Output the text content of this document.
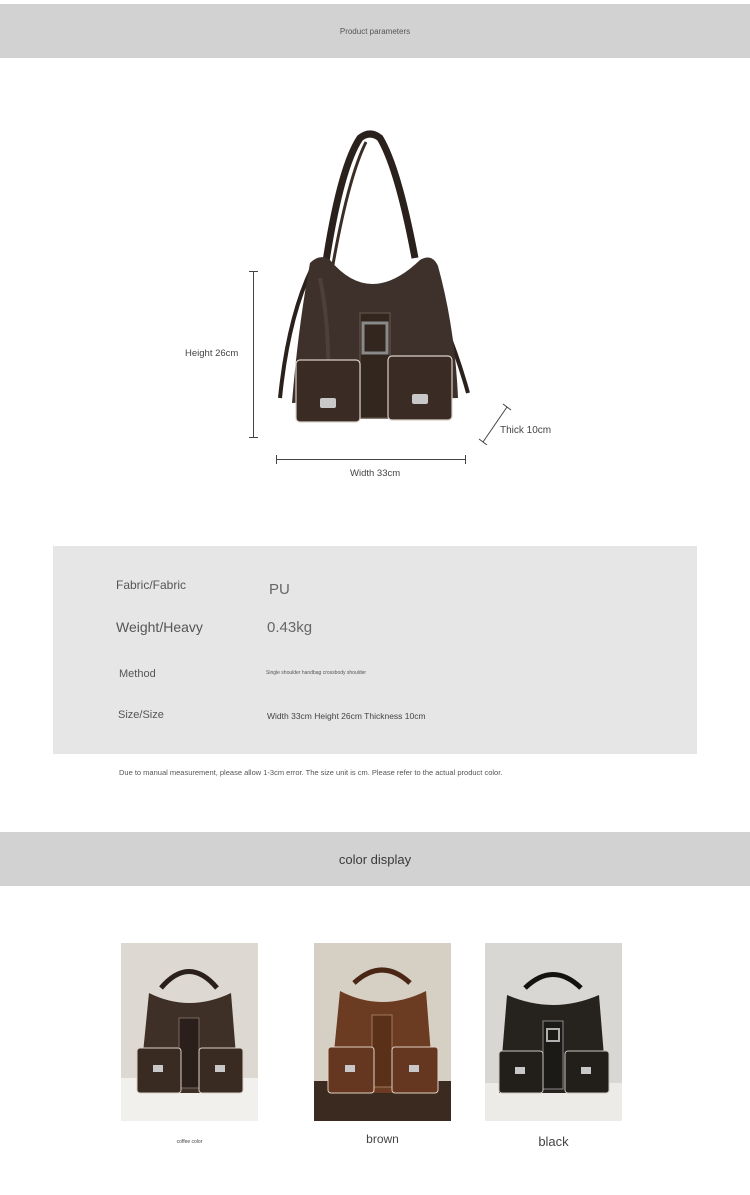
Product parameters
Height 26cm
Width 33cm
Thick 10cm
Fabric/Fabric	PU
Weight/Heavy	0.43kg
Method	Single shoulder handbag crossbody shoulder
Size/Size	Width 33cm Height 26cm Thickness 10cm
Due to manual measurement, please allow 1-3cm error. The size unit is cm. Please refer to the actual product color.
color display
coffee color	brown	black
